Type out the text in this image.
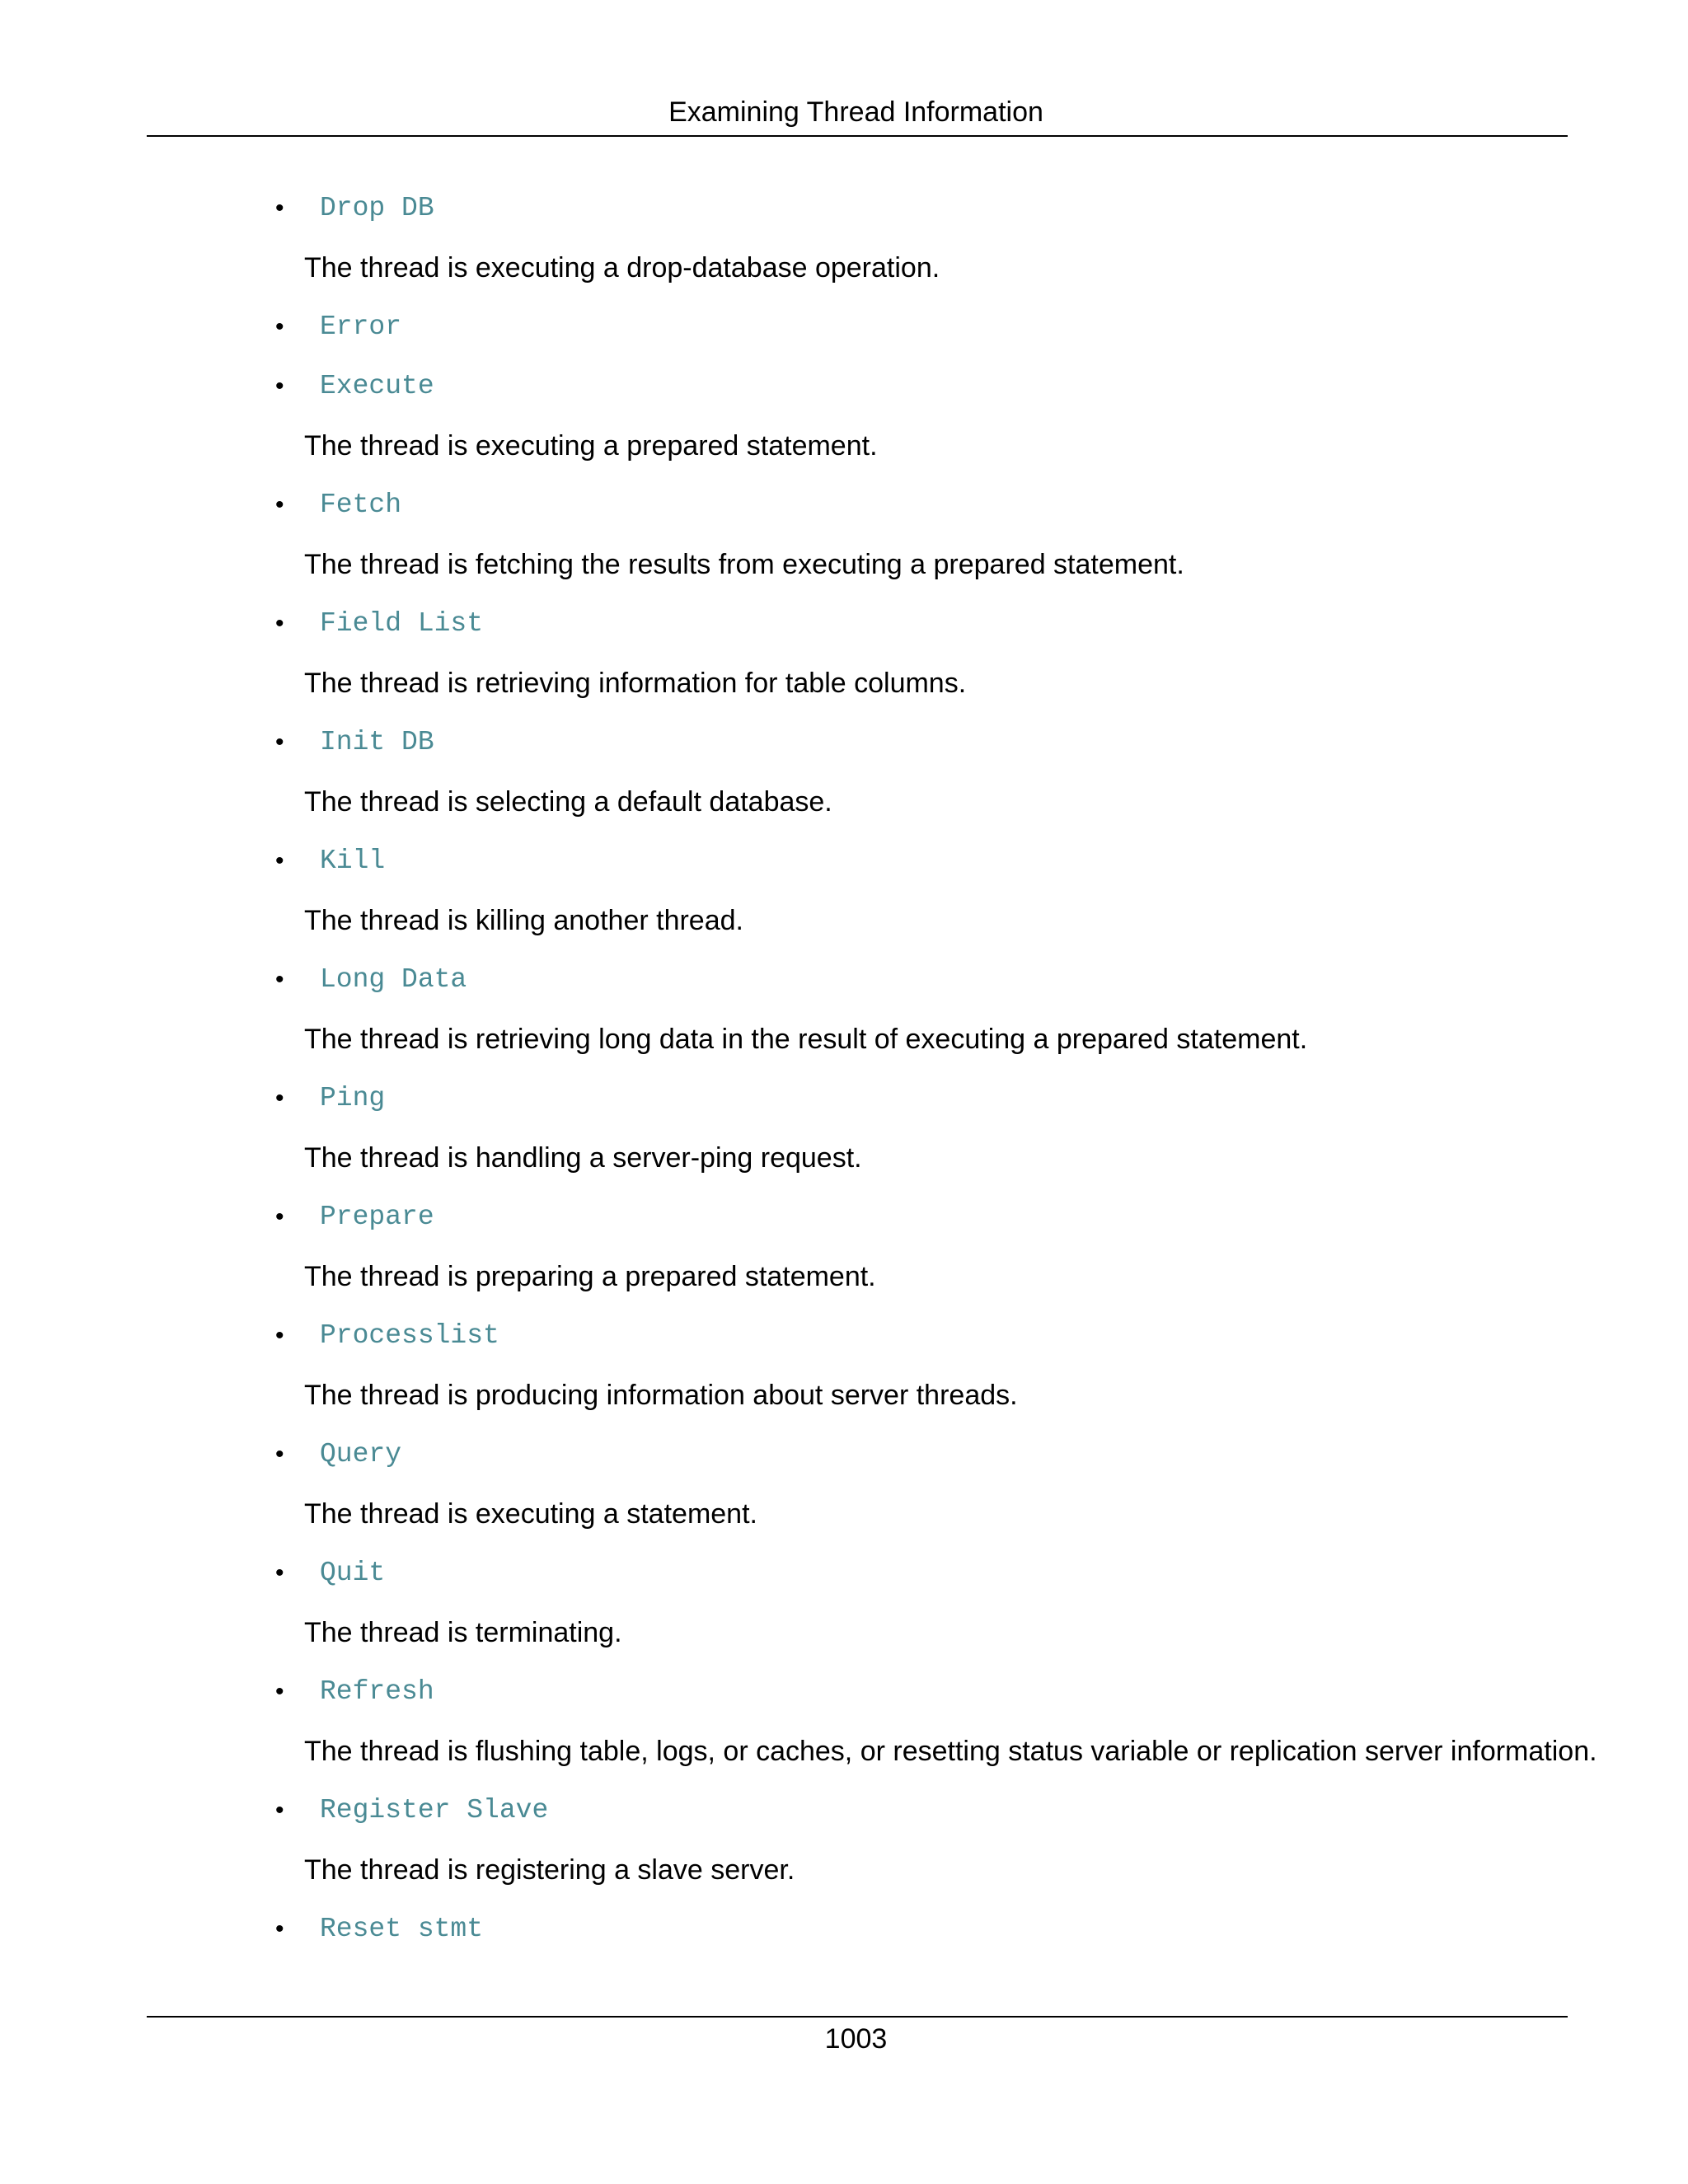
Examining Thread Information
• Drop DB
The thread is executing a drop-database operation.
• Error
• Execute
The thread is executing a prepared statement.
• Fetch
The thread is fetching the results from executing a prepared statement.
• Field List
The thread is retrieving information for table columns.
• Init DB
The thread is selecting a default database.
• Kill
The thread is killing another thread.
• Long Data
The thread is retrieving long data in the result of executing a prepared statement.
• Ping
The thread is handling a server-ping request.
• Prepare
The thread is preparing a prepared statement.
• Processlist
The thread is producing information about server threads.
• Query
The thread is executing a statement.
• Quit
The thread is terminating.
• Refresh
The thread is flushing table, logs, or caches, or resetting status variable or replication server information.
• Register Slave
The thread is registering a slave server.
• Reset stmt
1003
